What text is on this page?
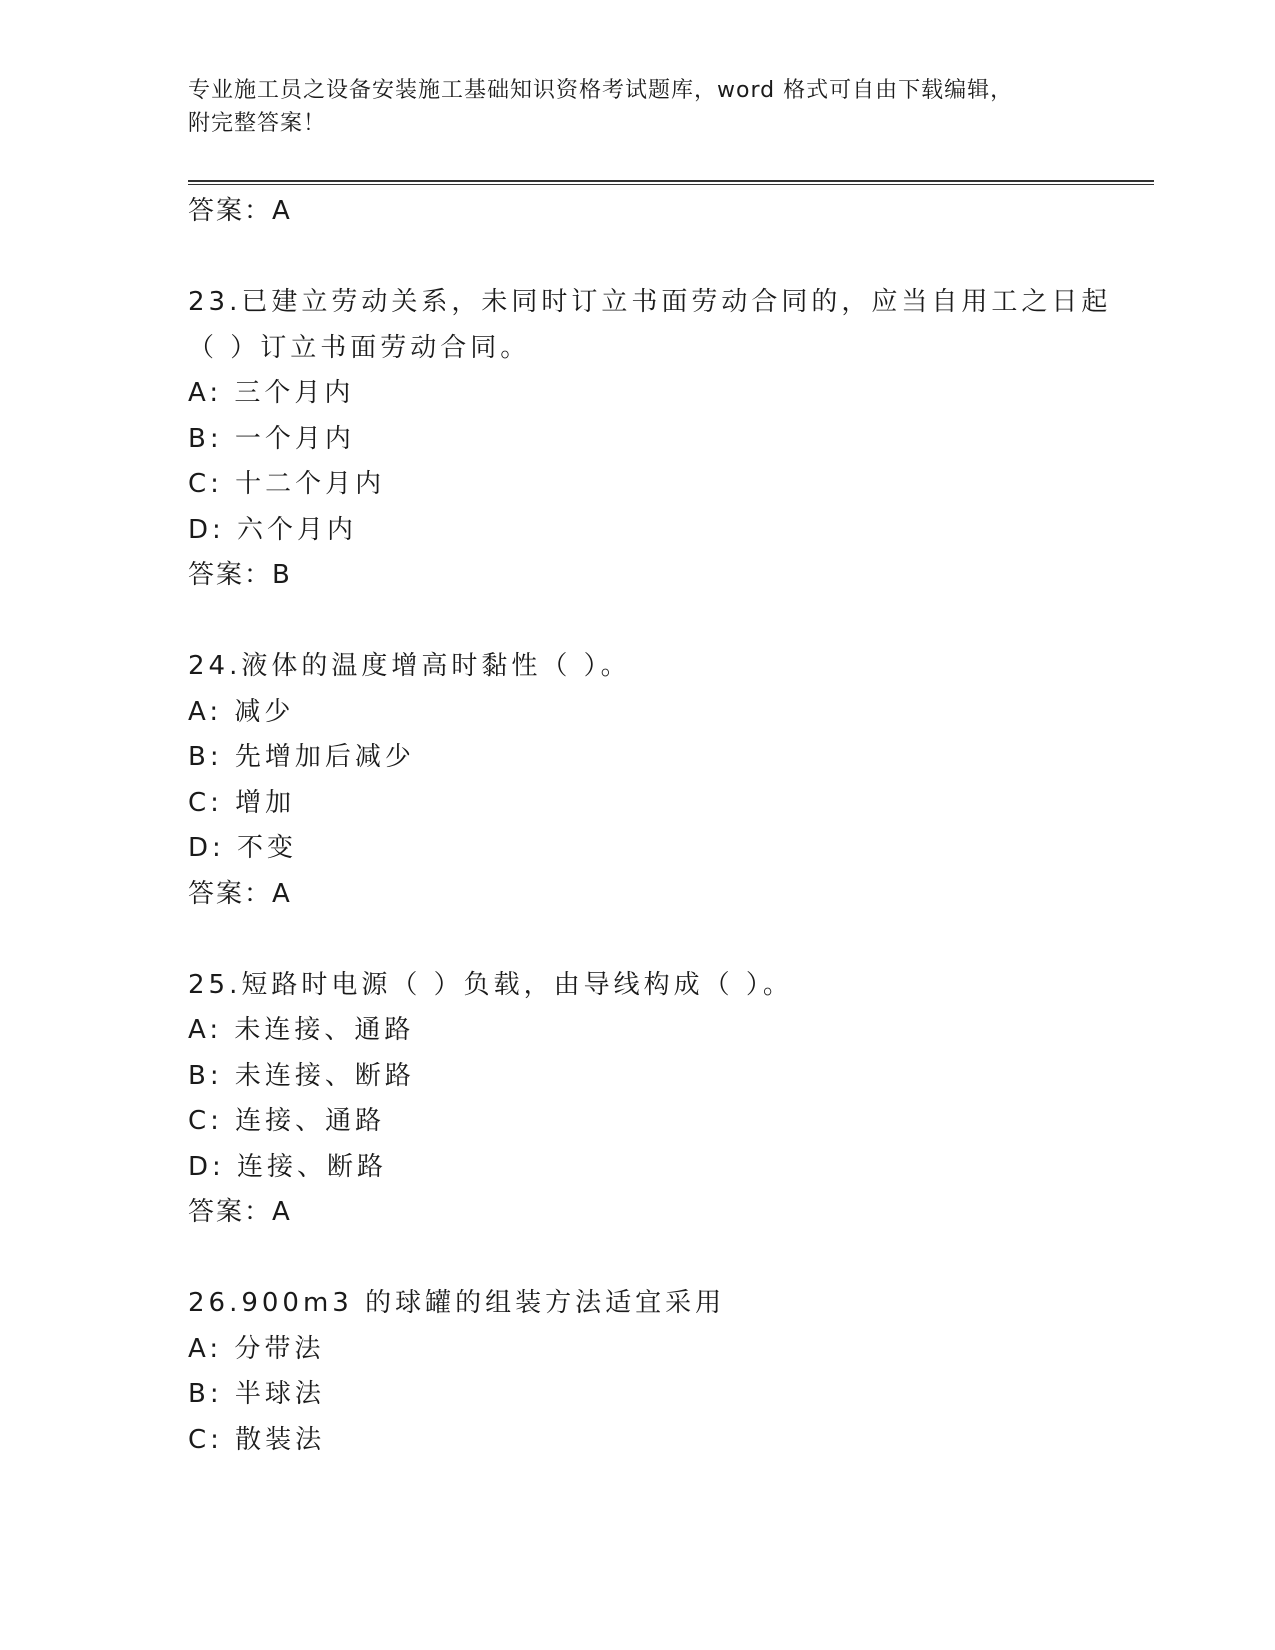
专业施工员之设备安装施工基础知识资格考试题库，word 格式可自由下载编辑，
附完整答案！
答案：A
23.已建立劳动关系，未同时订立书面劳动合同的，应当自用工之日起
（ ）订立书面劳动合同。
A: 三个月内
B: 一个月内
C: 十二个月内
D: 六个月内
答案：B
24.液体的温度增高时黏性（ ）。
A: 减少
B: 先增加后减少
C: 增加
D: 不变
答案：A
25.短路时电源（ ）负载，由导线构成（ ）。
A: 未连接、通路
B: 未连接、断路
C: 连接、通路
D: 连接、断路
答案：A
26.900m3 的球罐的组装方法适宜采用
A: 分带法
B: 半球法
C: 散装法
